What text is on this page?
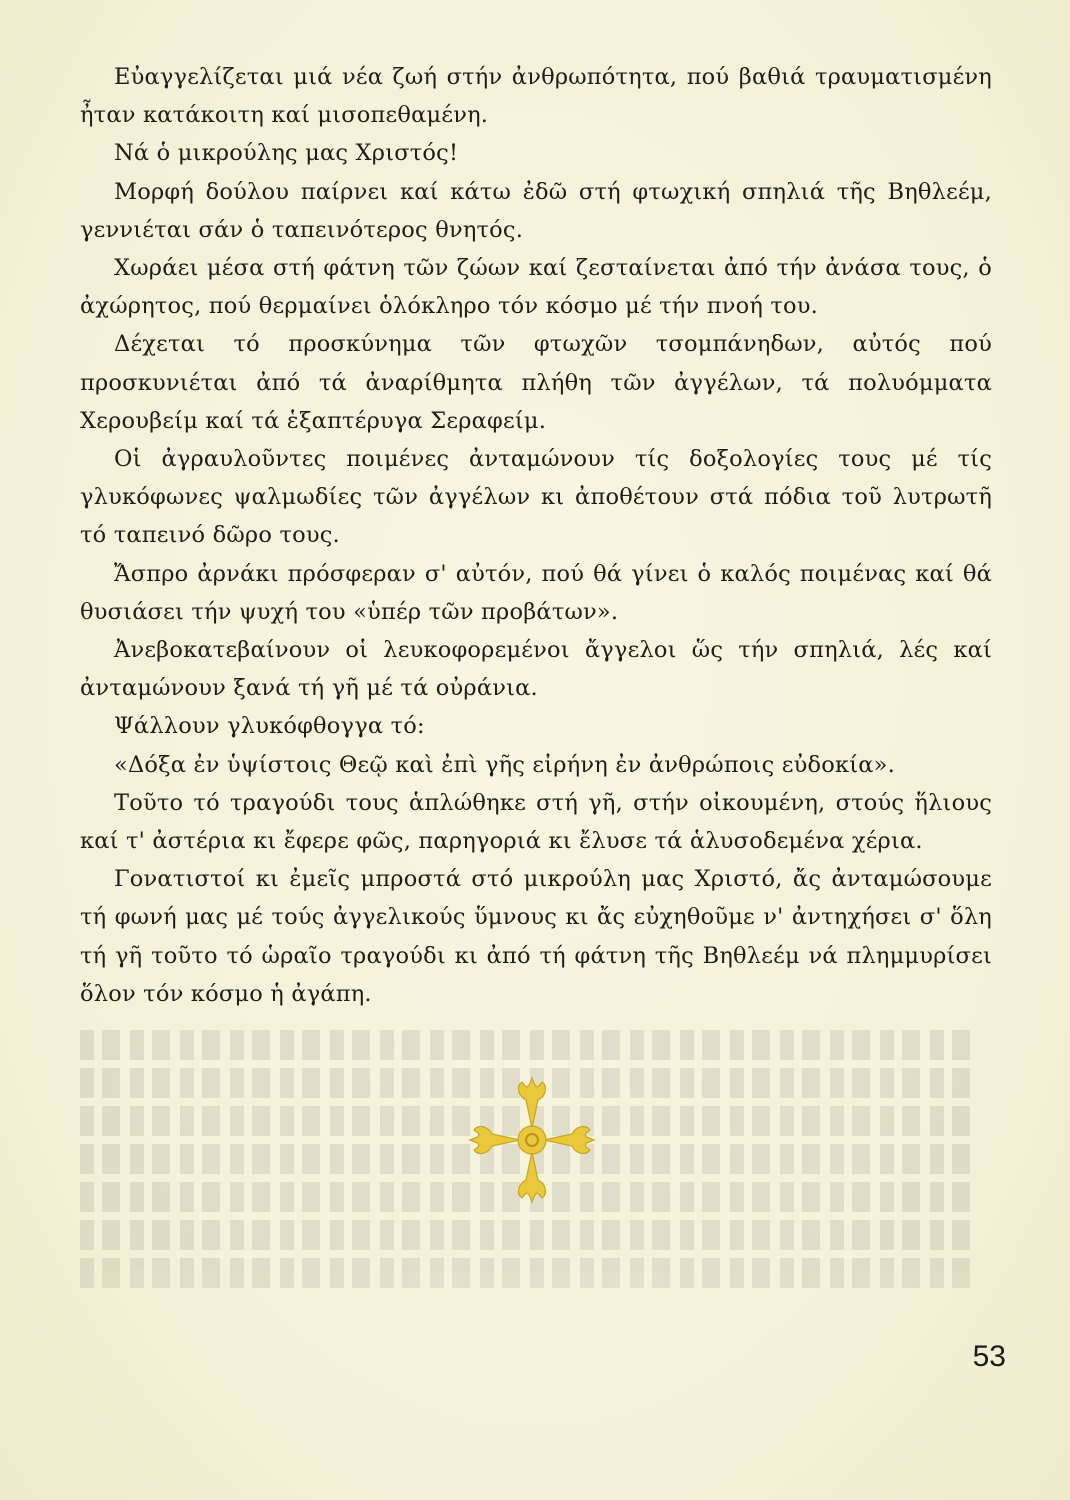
Εὐαγγελίζεται μιά νέα ζωή στήν ἀνθρωπότητα, πού βαθιά τραυματισμένη ἦταν κατάκοιτη καί μισοπεθαμένη.

Νά ὁ μικρούλης μας Χριστός!

Μορφή δούλου παίρνει καί κάτω ἐδῶ στή φτωχική σπηλιά τῆς Βηθλεέμ, γεννιέται σάν ὁ ταπεινότερος θνητός.

Χωράει μέσα στή φάτνη τῶν ζώων καί ζεσταίνεται ἀπό τήν ἀνάσα τους, ὁ ἀχώρητος, πού θερμαίνει ὁλόκληρο τόν κόσμο μέ τήν πνοή του.

Δέχεται τό προσκύνημα τῶν φτωχῶν τσομπάνηδων, αὐτός πού προσκυνιέται ἀπό τά ἀναρίθμητα πλήθη τῶν ἀγγέλων, τά πολυόμματα Χερουβείμ καί τά ἑξαπτέρυγα Σεραφείμ.

Οἱ ἀγραυλοῦντες ποιμένες ἀνταμώνουν τίς δοξολογίες τους μέ τίς γλυκόφωνες ψαλμωδίες τῶν ἀγγέλων κι ἀποθέτουν στά πόδια τοῦ λυτρωτῆ τό ταπεινό δῶρο τους.

Ἄσπρο ἀρνάκι πρόσφεραν σ' αὐτόν, πού θά γίνει ὁ καλός ποιμένας καί θά θυσιάσει τήν ψυχή του «ὑπέρ τῶν προβάτων».

Ἀνεβοκατεβαίνουν οἱ λευκοφορεμένοι ἄγγελοι ὥς τήν σπηλιά, λές καί ἀνταμώνουν ξανά τή γῆ μέ τά οὐράνια.

Ψάλλουν γλυκόφθογγα τό:

«Δόξα ἐν ὑψίστοις Θεῷ καὶ ἐπὶ γῆς εἰρήνη ἐν ἀνθρώποις εὐδοκία».

Τοῦτο τό τραγούδι τους ἁπλώθηκε στή γῆ, στήν οἰκουμένη, στούς ἥλιους καί τ' ἀστέρια κι ἔφερε φῶς, παρηγοριά κι ἔλυσε τά ἁλυσοδεμένα χέρια.

Γονατιστοί κι ἐμεῖς μπροστά στό μικρούλη μας Χριστό, ἄς ἀνταμώσουμε τή φωνή μας μέ τούς ἀγγελικούς ὕμνους κι ἄς εὐχηθοῦμε ν' ἀντηχήσει σ' ὅλη τή γῆ τοῦτο τό ὡραῖο τραγούδι κι ἀπό τή φάτνη τῆς Βηθλεέμ νά πλημμυρίσει ὅλον τόν κόσμο ἡ ἀγάπη.

53
